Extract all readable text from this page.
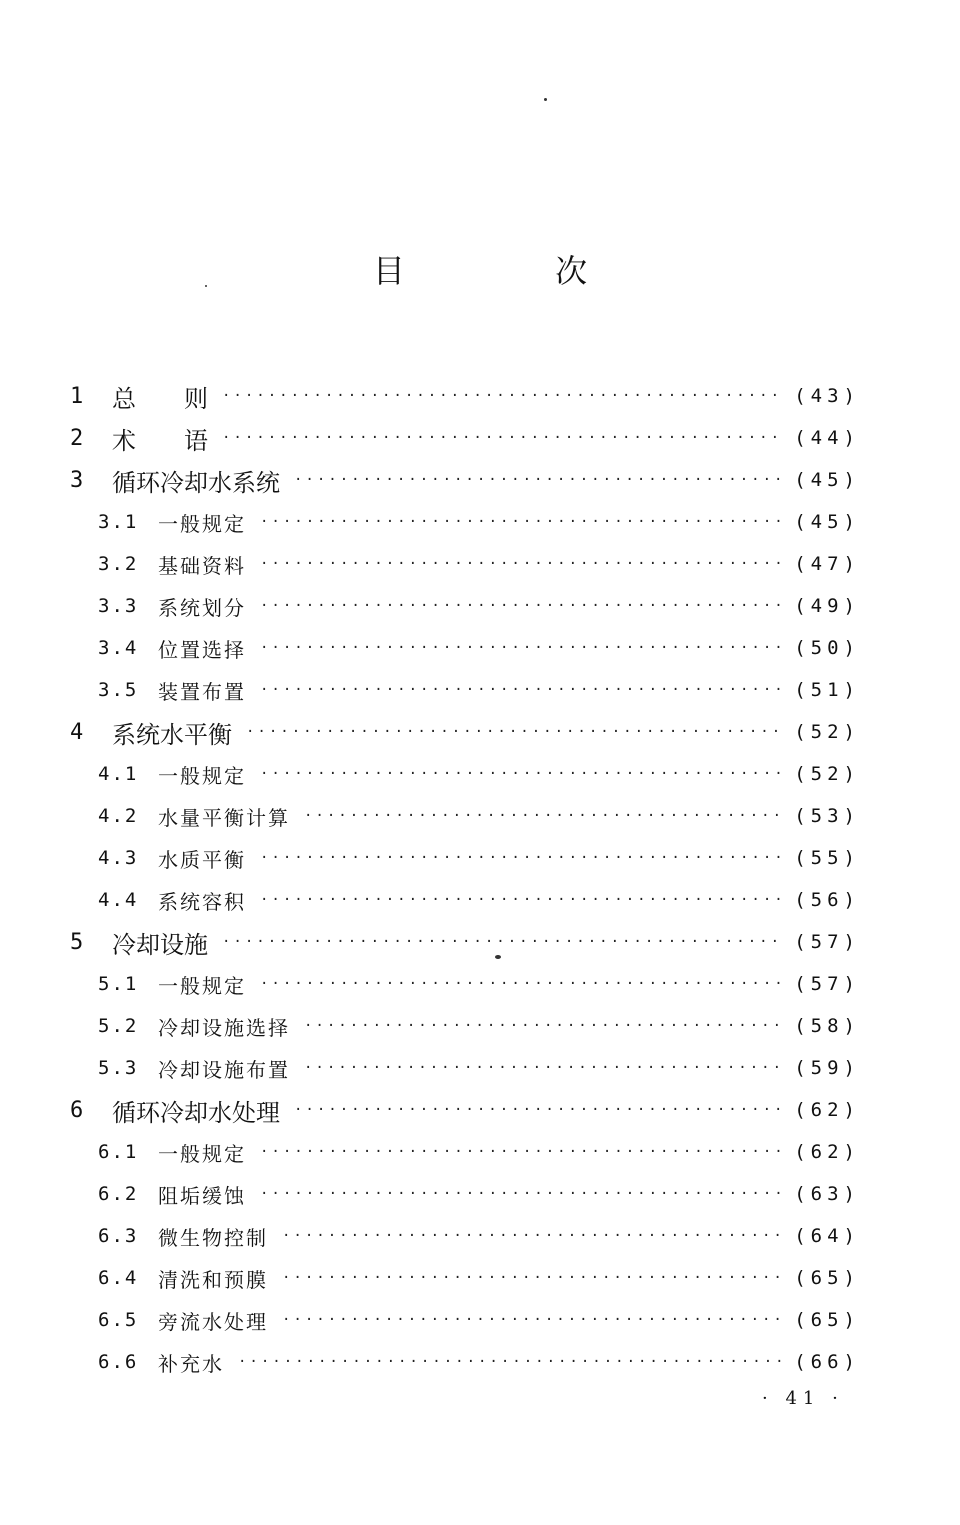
目 次
1	总　　则 ·····	(43)
2	术　　语 ·····	(44)
3	循环冷却水系统 ·····	(45)
3.1 一般规定 ·····	(45)
3.2 基础资料 ·····	(47)
3.3 系统划分 ·····	(49)
3.4 位置选择 ·····	(50)
3.5 装置布置 ·····	(51)
4	系统水平衡 ·····	(52)
4.1 一般规定 ·····	(52)
4.2 水量平衡计算 ·····	(53)
4.3 水质平衡 ·····	(55)
4.4 系统容积 ·····	(56)
5	冷却设施 ·····	(57)
5.1 一般规定 ·····	(57)
5.2 冷却设施选择 ·····	(58)
5.3 冷却设施布置 ·····	(59)
6	循环冷却水处理 ·····	(62)
6.1 一般规定 ·····	(62)
6.2 阻垢缓蚀 ·····	(63)
6.3 微生物控制 ·····	(64)
6.4 清洗和预膜 ·····	(65)
6.5 旁流水处理 ·····	(65)
6.6 补充水 ·····	(66)
· 41 ·
